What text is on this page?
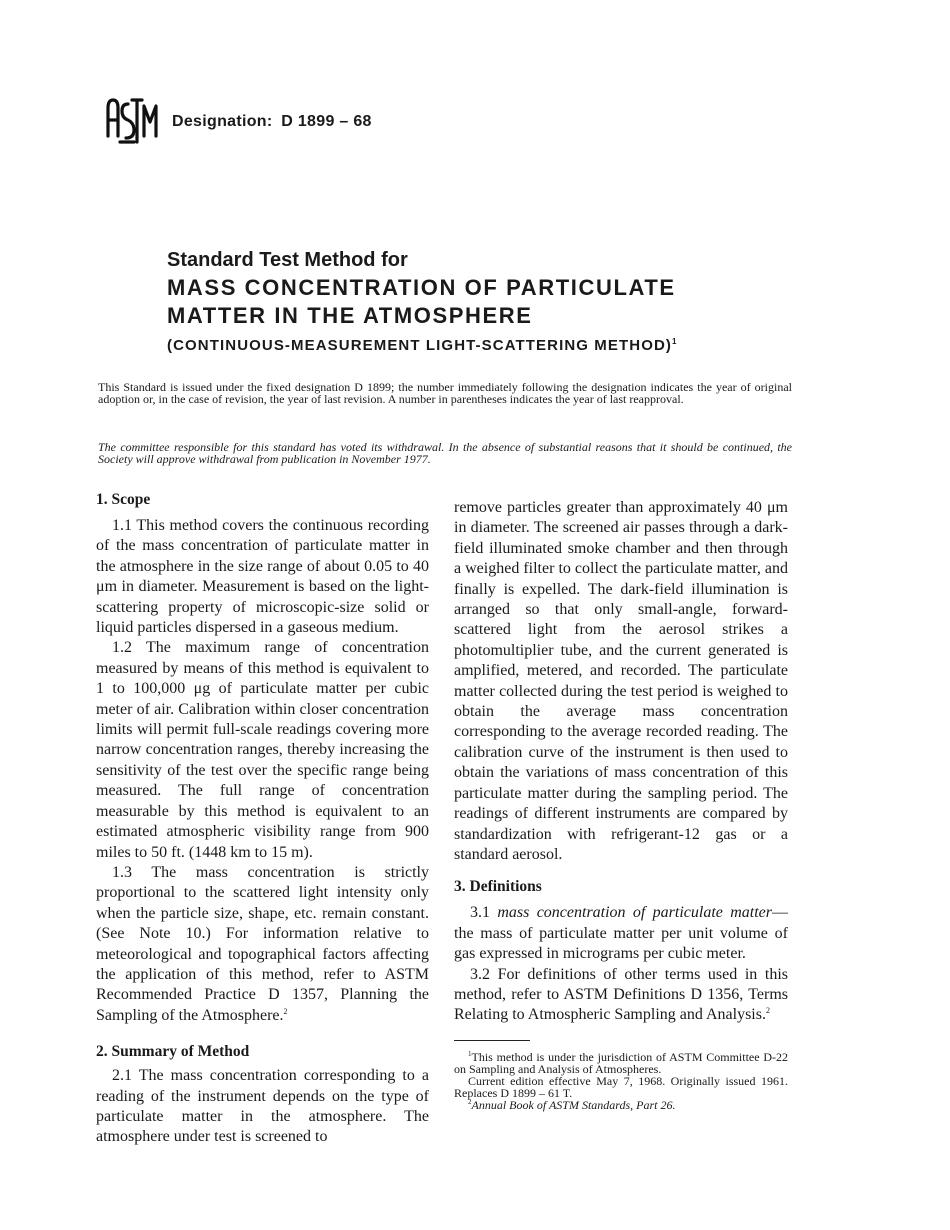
Designation: D 1899 – 68
Standard Test Method for
MASS CONCENTRATION OF PARTICULATE
MATTER IN THE ATMOSPHERE
(CONTINUOUS-MEASUREMENT LIGHT-SCATTERING METHOD)$^1$
This Standard is issued under the fixed designation D 1899; the number immediately following the designation indicates the year of original adoption or, in the case of revision, the year of last revision. A number in parentheses indicates the year of last reapproval.
The committee responsible for this standard has voted its withdrawal. In the absence of substantial reasons that it should be continued, the Society will approve withdrawal from publication in November 1977.
1. Scope

1.1 This method covers the continuous recording of the mass concentration of particulate matter in the atmosphere in the size range of about 0.05 to 40 μm in diameter. Measurement is based on the light-scattering property of microscopic-size solid or liquid particles dispersed in a gaseous medium.

1.2 The maximum range of concentration measured by means of this method is equivalent to 1 to 100,000 μg of particulate matter per cubic meter of air. Calibration within closer concentration limits will permit full-scale readings covering more narrow concentration ranges, thereby increasing the sensitivity of the test over the specific range being measured. The full range of concentration measurable by this method is equivalent to an estimated atmospheric visibility range from 900 miles to 50 ft. (1448 km to 15 m).

1.3 The mass concentration is strictly proportional to the scattered light intensity only when the particle size, shape, etc. remain constant. (See Note 10.) For information relative to meteorological and topographical factors affecting the application of this method, refer to ASTM Recommended Practice D 1357, Planning the Sampling of the Atmosphere.$^2$

2. Summary of Method

2.1 The mass concentration corresponding to a reading of the instrument depends on the type of particulate matter in the atmosphere. The atmosphere under test is screened to

remove particles greater than approximately 40 μm in diameter. The screened air passes through a dark-field illuminated smoke chamber and then through a weighed filter to collect the particulate matter, and finally is expelled. The dark-field illumination is arranged so that only small-angle, forward-scattered light from the aerosol strikes a photomultiplier tube, and the current generated is amplified, metered, and recorded. The particulate matter collected during the test period is weighed to obtain the average mass concentration corresponding to the average recorded reading. The calibration curve of the instrument is then used to obtain the variations of mass concentration of this particulate matter during the sampling period. The readings of different instruments are compared by standardization with refrigerant-12 gas or a standard aerosol.

3. Definitions

3.1 mass concentration of particulate matter—the mass of particulate matter per unit volume of gas expressed in micrograms per cubic meter.

3.2 For definitions of other terms used in this method, refer to ASTM Definitions D 1356, Terms Relating to Atmospheric Sampling and Analysis.$^2$

$^1$This method is under the jurisdiction of ASTM Committee D-22 on Sampling and Analysis of Atmospheres.

Current edition effective May 7, 1968. Originally issued 1961. Replaces D 1899 – 61 T.

$^2$Annual Book of ASTM Standards, Part 26.
